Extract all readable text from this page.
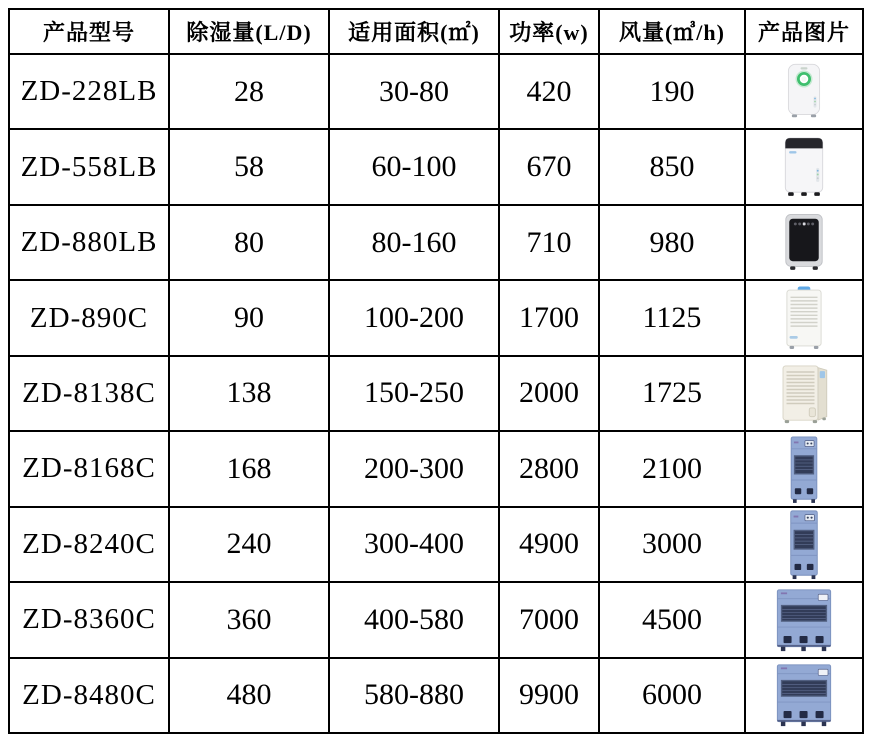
产品型号	除湿量(L/D)	适用面积(㎡)	功率(w)	风量(㎥/h)	产品图片
ZD-228LB	28	30-80	420	190	

ZD-558LB	58	60-100	670	850	

ZD-880LB	80	80-160	710	980	

ZD-890C	90	100-200	1700	1125	

ZD-8138C	138	150-250	2000	1725	

ZD-8168C	168	200-300	2800	2100	

ZD-8240C	240	300-400	4900	3000	

ZD-8360C	360	400-580	7000	4500	

ZD-8480C	480	580-880	9900	6000	
